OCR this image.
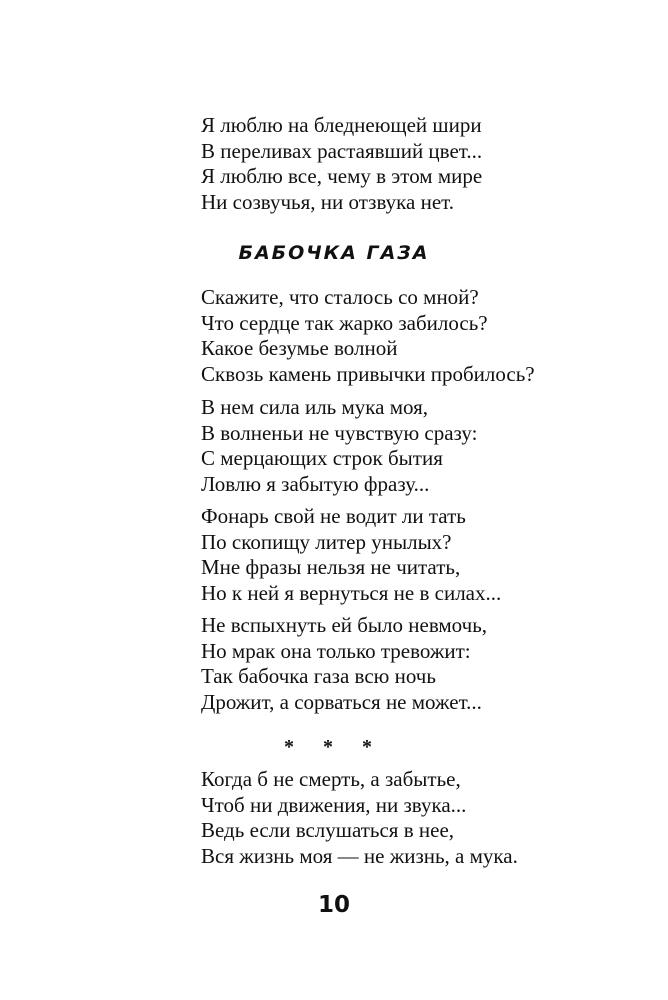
Я люблю на бледнеющей шири
В переливах растаявший цвет...
Я люблю все, чему в этом мире
Ни созвучья, ни отзвука нет.
БАБОЧКА ГАЗА
Скажите, что сталось со мной?
Что сердце так жарко забилось?
Какое безумье волной
Сквозь камень привычки пробилось?
В нем сила иль мука моя,
В волненьи не чувствую сразу:
С мерцающих строк бытия
Ловлю я забытую фразу...
Фонарь свой не водит ли тать
По скопищу литер унылых?
Мне фразы нельзя не читать,
Но к ней я вернуться не в силах...
Не вспыхнуть ей было невмочь,
Но мрак она только тревожит:
Так бабочка газа всю ночь
Дрожит, а сорваться не может...
* * *
Когда б не смерть, а забытье,
Чтоб ни движения, ни звука...
Ведь если вслушаться в нее,
Вся жизнь моя — не жизнь, а мука.
10
